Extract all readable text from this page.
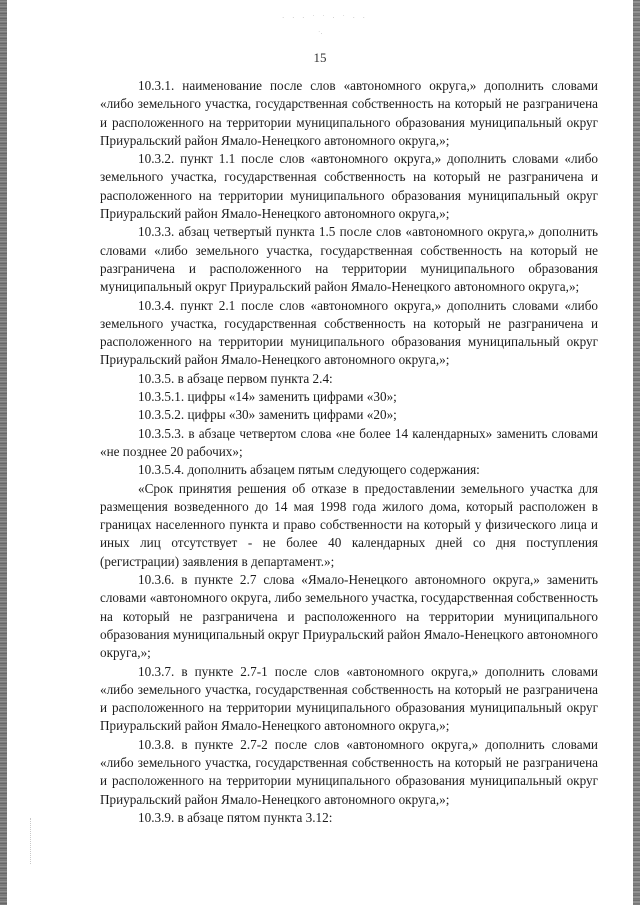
· · · ˙ ˙ · ˙ · ·
˙·
15

10.3.1. наименование после слов «автономного округа,» дополнить словами «либо земельного участка, государственная собственность на который не разграничена и расположенного на территории муниципального образования муниципальный округ Приуральский район Ямало-Ненецкого автономного округа,»;

10.3.2. пункт 1.1 после слов «автономного округа,» дополнить словами «либо земельного участка, государственная собственность на который не разграничена и расположенного на территории муниципального образования муниципальный округ Приуральский район Ямало-Ненецкого автономного округа,»;

10.3.3. абзац четвертый пункта 1.5 после слов «автономного округа,» дополнить словами «либо земельного участка, государственная собственность на который не разграничена и расположенного на территории муниципального образования муниципальный округ Приуральский район Ямало-Ненецкого автономного округа,»;

10.3.4. пункт 2.1 после слов «автономного округа,» дополнить словами «либо земельного участка, государственная собственность на который не разграничена и расположенного на территории муниципального образования муниципальный округ Приуральский район Ямало-Ненецкого автономного округа,»;

10.3.5. в абзаце первом пункта 2.4:

10.3.5.1. цифры «14» заменить цифрами «30»;

10.3.5.2. цифры «30» заменить цифрами «20»;

10.3.5.3. в абзаце четвертом слова «не более 14 календарных» заменить словами «не позднее 20 рабочих»;

10.3.5.4. дополнить абзацем пятым следующего содержания:

«Срок принятия решения об отказе в предоставлении земельного участка для размещения возведенного до 14 мая 1998 года жилого дома, который расположен в границах населенного пункта и право собственности на который у физического лица и иных лиц отсутствует - не более 40 календарных дней со дня поступления (регистрации) заявления в департамент.»;

10.3.6. в пункте 2.7 слова «Ямало-Ненецкого автономного округа,» заменить словами «автономного округа, либо земельного участка, государственная собственность на который не разграничена и расположенного на территории муниципального образования муниципальный округ Приуральский район Ямало-Ненецкого автономного округа,»;

10.3.7. в пункте 2.7-1 после слов «автономного округа,» дополнить словами «либо земельного участка, государственная собственность на который не разграничена и расположенного на территории муниципального образования муниципальный округ Приуральский район Ямало-Ненецкого автономного округа,»;

10.3.8. в пункте 2.7-2 после слов «автономного округа,» дополнить словами «либо земельного участка, государственная собственность на который не разграничена и расположенного на территории муниципального образования муниципальный округ Приуральский район Ямало-Ненецкого автономного округа,»;

10.3.9. в абзаце пятом пункта 3.12:
